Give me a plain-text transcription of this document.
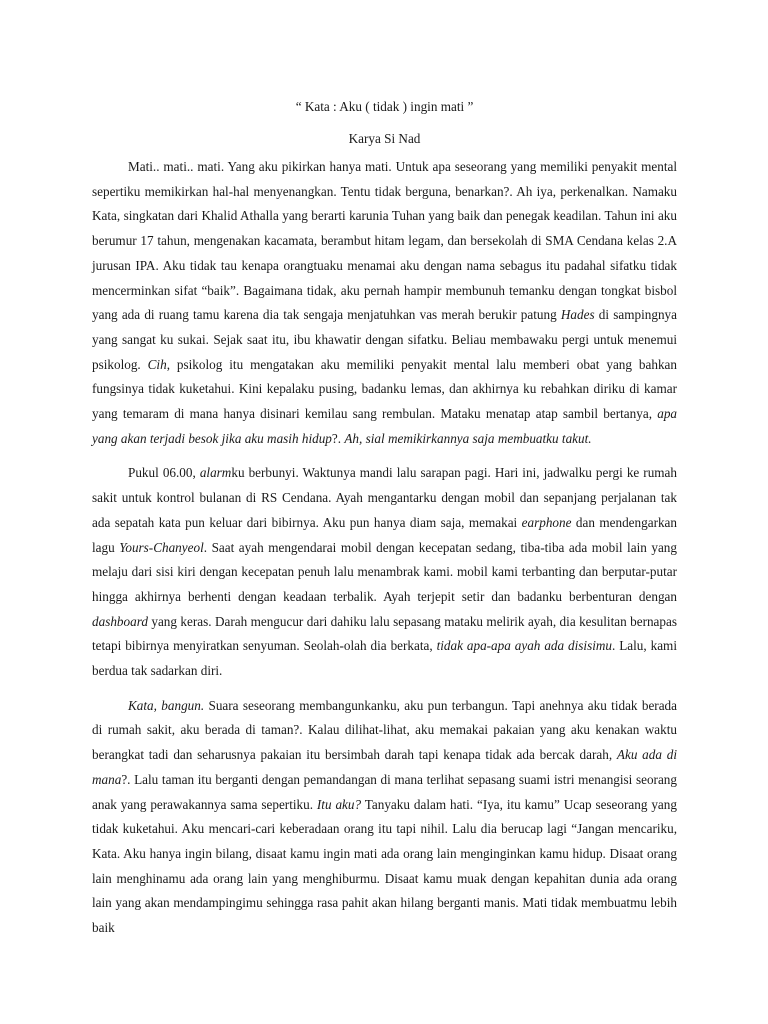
“ Kata : Aku ( tidak ) ingin mati ”

Karya Si Nad

Mati.. mati.. mati. Yang aku pikirkan hanya mati. Untuk apa seseorang yang memiliki penyakit mental sepertiku memikirkan hal-hal menyenangkan. Tentu tidak berguna, benarkan?. Ah iya, perkenalkan. Namaku Kata, singkatan dari Khalid Athalla yang berarti karunia Tuhan yang baik dan penegak keadilan. Tahun ini aku berumur 17 tahun, mengenakan kacamata, berambut hitam legam, dan bersekolah di SMA Cendana kelas 2.A jurusan IPA. Aku tidak tau kenapa orangtuaku menamai aku dengan nama sebagus itu padahal sifatku tidak mencerminkan sifat “baik”. Bagaimana tidak, aku pernah hampir membunuh temanku dengan tongkat bisbol yang ada di ruang tamu karena dia tak sengaja menjatuhkan vas merah berukir patung Hades di sampingnya yang sangat ku sukai. Sejak saat itu, ibu khawatir dengan sifatku. Beliau membawaku pergi untuk menemui psikolog. Cih, psikolog itu mengatakan aku memiliki penyakit mental lalu memberi obat yang bahkan fungsinya tidak kuketahui. Kini kepalaku pusing, badanku lemas, dan akhirnya ku rebahkan diriku di kamar yang temaram di mana hanya disinari kemilau sang rembulan. Mataku menatap atap sambil bertanya, apa yang akan terjadi besok jika aku masih hidup?. Ah, sial memikirkannya saja membuatku takut.

Pukul 06.00, alarmku berbunyi. Waktunya mandi lalu sarapan pagi. Hari ini, jadwalku pergi ke rumah sakit untuk kontrol bulanan di RS Cendana. Ayah mengantarku dengan mobil dan sepanjang perjalanan tak ada sepatah kata pun keluar dari bibirnya. Aku pun hanya diam saja, memakai earphone dan mendengarkan lagu Yours-Chanyeol. Saat ayah mengendarai mobil dengan kecepatan sedang, tiba-tiba ada mobil lain yang melaju dari sisi kiri dengan kecepatan penuh lalu menambrak kami. mobil kami terbanting dan berputar-putar hingga akhirnya berhenti dengan keadaan terbalik. Ayah terjepit setir dan badanku berbenturan dengan dashboard yang keras. Darah mengucur dari dahiku lalu sepasang mataku melirik ayah, dia kesulitan bernapas tetapi bibirnya menyiratkan senyuman. Seolah-olah dia berkata, tidak apa-apa ayah ada disisimu. Lalu, kami berdua tak sadarkan diri.

Kata, bangun. Suara seseorang membangunkanku, aku pun terbangun. Tapi anehnya aku tidak berada di rumah sakit, aku berada di taman?. Kalau dilihat-lihat, aku memakai pakaian yang aku kenakan waktu berangkat tadi dan seharusnya pakaian itu bersimbah darah tapi kenapa tidak ada bercak darah, Aku ada di mana?. Lalu taman itu berganti dengan pemandangan di mana terlihat sepasang suami istri menangisi seorang anak yang perawakannya sama sepertiku. Itu aku? Tanyaku dalam hati. “Iya, itu kamu” Ucap seseorang yang tidak kuketahui. Aku mencari-cari keberadaan orang itu tapi nihil. Lalu dia berucap lagi “Jangan mencariku, Kata. Aku hanya ingin bilang, disaat kamu ingin mati ada orang lain menginginkan kamu hidup. Disaat orang lain menghinamu ada orang lain yang menghiburmu. Disaat kamu muak dengan kepahitan dunia ada orang lain yang akan mendampingimu sehingga rasa pahit akan hilang berganti manis. Mati tidak membuatmu lebih baik
